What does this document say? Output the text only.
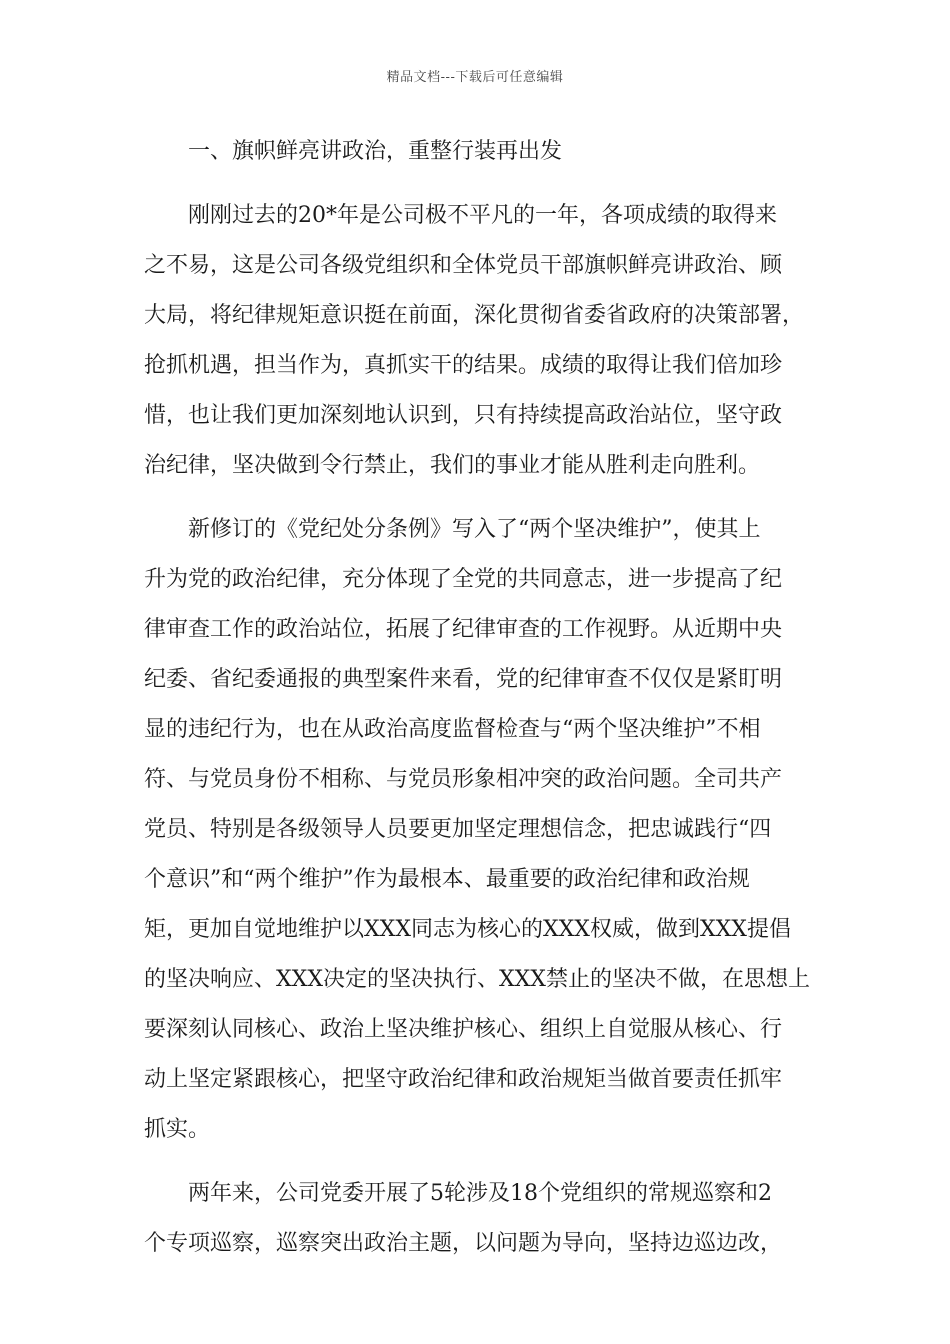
精品文档---下载后可任意编辑
一、旗帜鲜亮讲政治，重整行装再出发
刚刚过去的20*年是公司极不平凡的一年，各项成绩的取得来
之不易，这是公司各级党组织和全体党员干部旗帜鲜亮讲政治、顾
大局，将纪律规矩意识挺在前面，深化贯彻省委省政府的决策部署，
抢抓机遇，担当作为，真抓实干的结果。成绩的取得让我们倍加珍
惜，也让我们更加深刻地认识到，只有持续提高政治站位，坚守政
治纪律，坚决做到令行禁止，我们的事业才能从胜利走向胜利。
新修订的《党纪处分条例》写入了“两个坚决维护”，使其上
升为党的政治纪律，充分体现了全党的共同意志，进一步提高了纪
律审查工作的政治站位，拓展了纪律审查的工作视野。从近期中央
纪委、省纪委通报的典型案件来看，党的纪律审查不仅仅是紧盯明
显的违纪行为，也在从政治高度监督检查与“两个坚决维护”不相
符、与党员身份不相称、与党员形象相冲突的政治问题。全司共产
党员、特别是各级领导人员要更加坚定理想信念，把忠诚践行“四
个意识”和“两个维护”作为最根本、最重要的政治纪律和政治规
矩，更加自觉地维护以XXX同志为核心的XXX权威，做到XXX提倡
的坚决响应、XXX决定的坚决执行、XXX禁止的坚决不做，在思想上
要深刻认同核心、政治上坚决维护核心、组织上自觉服从核心、行
动上坚定紧跟核心，把坚守政治纪律和政治规矩当做首要责任抓牢
抓实。
两年来，公司党委开展了5轮涉及18个党组织的常规巡察和2
个专项巡察，巡察突出政治主题，以问题为导向，坚持边巡边改，
